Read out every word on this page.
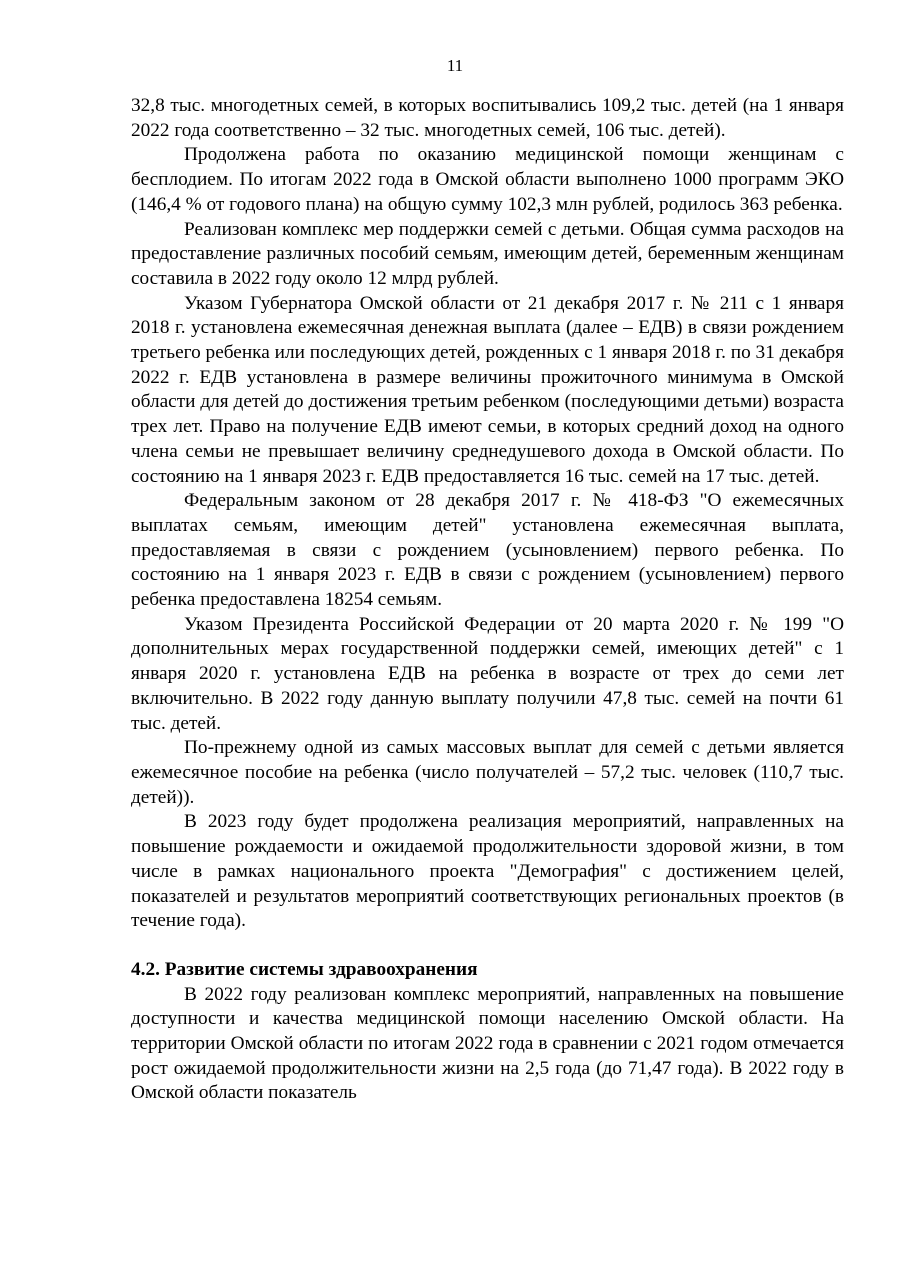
11

32,8 тыс. многодетных семей, в которых воспитывались 109,2 тыс. детей (на 1 января 2022 года соответственно – 32 тыс. многодетных семей, 106 тыс. детей).

Продолжена работа по оказанию медицинской помощи женщинам с бесплодием. По итогам 2022 года в Омской области выполнено 1000 программ ЭКО (146,4 % от годового плана) на общую сумму 102,3 млн рублей, родилось 363 ребенка.

Реализован комплекс мер поддержки семей с детьми. Общая сумма расходов на предоставление различных пособий семьям, имеющим детей, беременным женщинам составила в 2022 году около 12 млрд рублей.

Указом Губернатора Омской области от 21 декабря 2017 г. № 211 с 1 января 2018 г. установлена ежемесячная денежная выплата (далее – ЕДВ) в связи рождением третьего ребенка или последующих детей, рожденных с 1 января 2018 г. по 31 декабря 2022 г. ЕДВ установлена в размере величины прожиточного минимума в Омской области для детей до достижения третьим ребенком (последующими детьми) возраста трех лет. Право на получение ЕДВ имеют семьи, в которых средний доход на одного члена семьи не превышает величину среднедушевого дохода в Омской области. По состоянию на 1 января 2023 г. ЕДВ предоставляется 16 тыс. семей на 17 тыс. детей.

Федеральным законом от 28 декабря 2017 г. № 418-ФЗ "О ежемесячных выплатах семьям, имеющим детей" установлена ежемесячная выплата, предоставляемая в связи с рождением (усыновлением) первого ребенка. По состоянию на 1 января 2023 г. ЕДВ в связи с рождением (усыновлением) первого ребенка предоставлена 18254 семьям.

Указом Президента Российской Федерации от 20 марта 2020 г. № 199 "О дополнительных мерах государственной поддержки семей, имеющих детей" с 1 января 2020 г. установлена ЕДВ на ребенка в возрасте от трех до семи лет включительно. В 2022 году данную выплату получили 47,8 тыс. семей на почти 61 тыс. детей.

По-прежнему одной из самых массовых выплат для семей с детьми является ежемесячное пособие на ребенка (число получателей – 57,2 тыс. человек (110,7 тыс. детей)).

В 2023 году будет продолжена реализация мероприятий, направленных на повышение рождаемости и ожидаемой продолжительности здоровой жизни, в том числе в рамках национального проекта "Демография" с достижением целей, показателей и результатов мероприятий соответствующих региональных проектов (в течение года).

4.2. Развитие системы здравоохранения

В 2022 году реализован комплекс мероприятий, направленных на повышение доступности и качества медицинской помощи населению Омской области. На территории Омской области по итогам 2022 года в сравнении с 2021 годом отмечается рост ожидаемой продолжительности жизни на 2,5 года (до 71,47 года). В 2022 году в Омской области показатель
